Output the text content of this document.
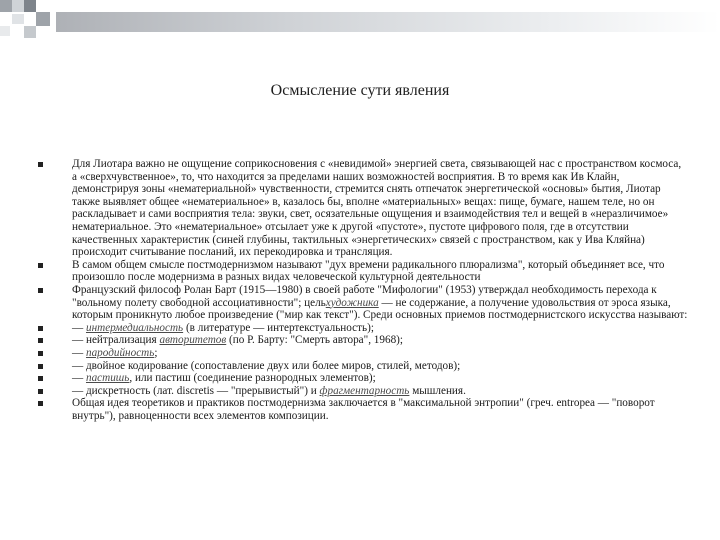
Осмысление сути явления

Для Лиотара важно не ощущение соприкосновения с «невидимой» энергией света, связывающей нас с пространством космоса, а «сверхчувственное», то, что находится за пределами наших возможностей восприятия. В то время как Ив Клайн, демонстрируя зоны «нематериальной» чувственности, стремится снять отпечаток энергетической «основы» бытия, Лиотар также выявляет общее «нематериальное» в, казалось бы, вполне «материальных» вещах: пище, бумаге, нашем теле, но он раскладывает и сами восприятия тела: звуки, свет, осязательные ощущения и взаимодействия тел и вещей в «неразличимое» нематериальное. Это «нематериальное» отсылает уже к другой «пустоте», пустоте цифрового поля, где в отсутствии качественных характеристик (синей глубины, тактильных «энергетических» связей с пространством, как у Ива Кляйна) происходит считывание посланий, их перекодировка и трансляция.

В самом общем смысле постмодернизмом называют "дух времени радикального плюрализма", который объединяет все, что произошло после модернизма в разных видах человеческой культурной деятельности

Французский философ Ролан Барт (1915—1980) в своей работе "Мифологии" (1953) утверждал необходимость перехода к "вольному полету свободной ассоциативности"; цельхудожника — не содержание, а получение удовольствия от эроса языка, которым проникнуто любое произведение ("мир как текст"). Среди основных приемов постмодернистского искусства называют:

— интермедиальность (в литературе — интертекстуальность);

— нейтрализация авторитетов (по Р. Барту: "Смерть автора", 1968);

— пародийность;

— двойное кодирование (сопоставление двух или более миров, стилей, методов);

— пастишь, или пастиш (соединение разнородных элементов);

— дискретность (лат. discretis — "прерывистый") и фрагментарность мышления.

Общая идея теоретиков и практиков постмодернизма заключается в "максимальной энтропии" (греч. entropea — "поворот внутрь"), равноценности всех элементов композиции.
